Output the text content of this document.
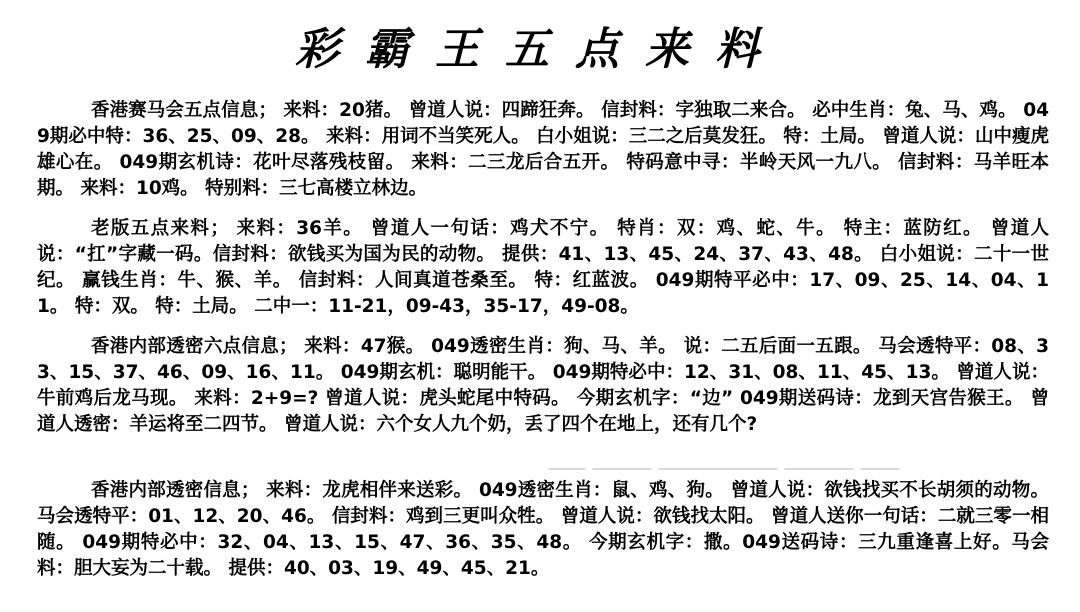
彩霸王五点来料

香港赛马会五点信息； 来料：20猪。 曾道人说：四蹄狂奔。 信封料：字独取二来合。 必中生肖：兔、马、鸡。 049期必中特：36、25、09、28。 来料：用词不当笑死人。 白小姐说：三二之后莫发狂。 特：土局。 曾道人说：山中瘦虎雄心在。 049期玄机诗：花叶尽落残枝留。 来料：二三龙后合五开。 特码意中寻：半岭天风一九八。 信封料：马羊旺本期。 来料：10鸡。 特别料：三七高楼立林边。

老版五点来料； 来料：36羊。 曾道人一句话：鸡犬不宁。 特肖：双：鸡、蛇、牛。 特主：蓝防红。 曾道人说：“扛”字藏一码。信封料：欲钱买为国为民的动物。 提供：41、13、45、24、37、43、48。 白小姐说：二十一世纪。 赢钱生肖：牛、猴、羊。 信封料：人间真道苍桑至。 特：红蓝波。 049期特平必中：17、09、25、14、04、11。 特：双。 特：土局。 二中一：11-21，09-43，35-17，49-08。

香港内部透密六点信息； 来料：47猴。 049透密生肖：狗、马、羊。 说：二五后面一五跟。 马会透特平：08、33、15、37、46、09、16、11。 049期玄机：聪明能干。 049期特必中：12、31、08、11、45、13。 曾道人说：牛前鸡后龙马现。 来料：2+9=? 曾道人说：虎头蛇尾中特码。 今期玄机字：“边” 049期送码诗：龙到天宫告猴王。 曾道人透密：羊运将至二四节。 曾道人说：六个女人九个奶，丢了四个在地上，还有几个?

香港内部透密信息； 来料：龙虎相伴来送彩。 049透密生肖：鼠、鸡、狗。 曾道人说：欲钱找买不长胡须的动物。 马会透特平：01、12、20、46。 信封料：鸡到三更叫众牲。 曾道人说：欲钱找太阳。 曾道人送你一句话：二就三零一相随。 049期特必中：32、04、13、15、47、36、35、48。 今期玄机字：撒。049送码诗：三九重逢喜上好。马会料：胆大妄为二十载。 提供：40、03、19、49、45、21。
